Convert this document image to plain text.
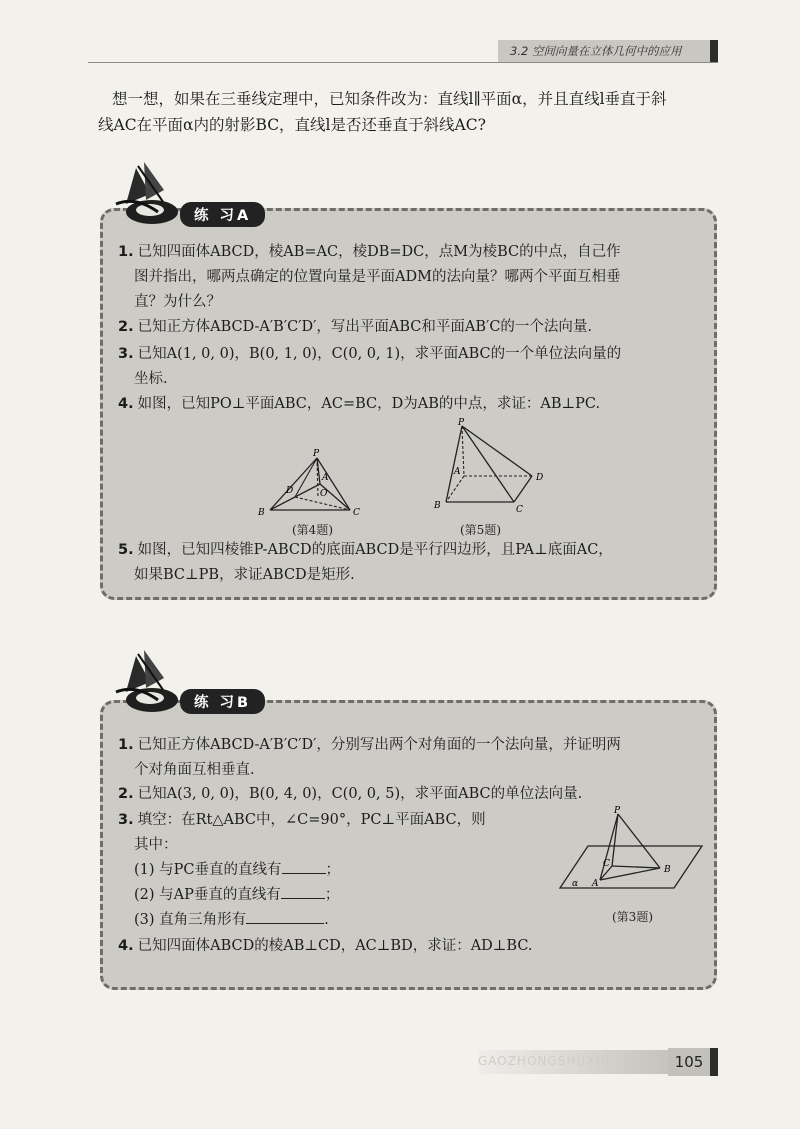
3.2 空间向量在立体几何中的应用

想一想，如果在三垂线定理中，已知条件改为：直线l∥平面α，并且直线l垂直于斜

线AC在平面α内的射影BC，直线l是否还垂直于斜线AC?

练 习A
1. 已知四面体ABCD，棱AB=AC，棱DB=DC，点M为棱BC的中点，自己作
图并指出，哪两点确定的位置向量是平面ADM的法向量？哪两个平面互相垂
直？为什么？
2. 已知正方体ABCD-A′B′C′D′，写出平面ABC和平面AB′C的一个法向量.
3. 已知A(1, 0, 0)，B(0, 1, 0)，C(0, 0, 1)，求平面ABC的一个单位法向量的
坐标.
4. 如图，已知PO⊥平面ABC，AC=BC，D为AB的中点，求证：AB⊥PC.
P
A
B	C
D	O
(第4题)
P
A
B	C
D
(第5题)
5. 如图，已知四棱锥P-ABCD的底面ABCD是平行四边形，且PA⊥底面AC，
如果BC⊥PB，求证ABCD是矩形.
练 习B
1. 已知正方体ABCD-A′B′C′D′，分别写出两个对角面的一个法向量，并证明两
个对角面互相垂直.
2. 已知A(3, 0, 0)，B(0, 4, 0)，C(0, 0, 5)，求平面ABC的单位法向量.
3. 填空：在Rt△ABC中，∠C=90°，PC⊥平面ABC，则
其中：
(1) 与PC垂直的直线有	；
(2) 与AP垂直的直线有	；
(3) 直角三角形有	.
P
C
A
B
α
(第3题)
4. 已知四面体ABCD的棱AB⊥CD，AC⊥BD，求证：AD⊥BC.
GAOZHONGSHUXUE	105
